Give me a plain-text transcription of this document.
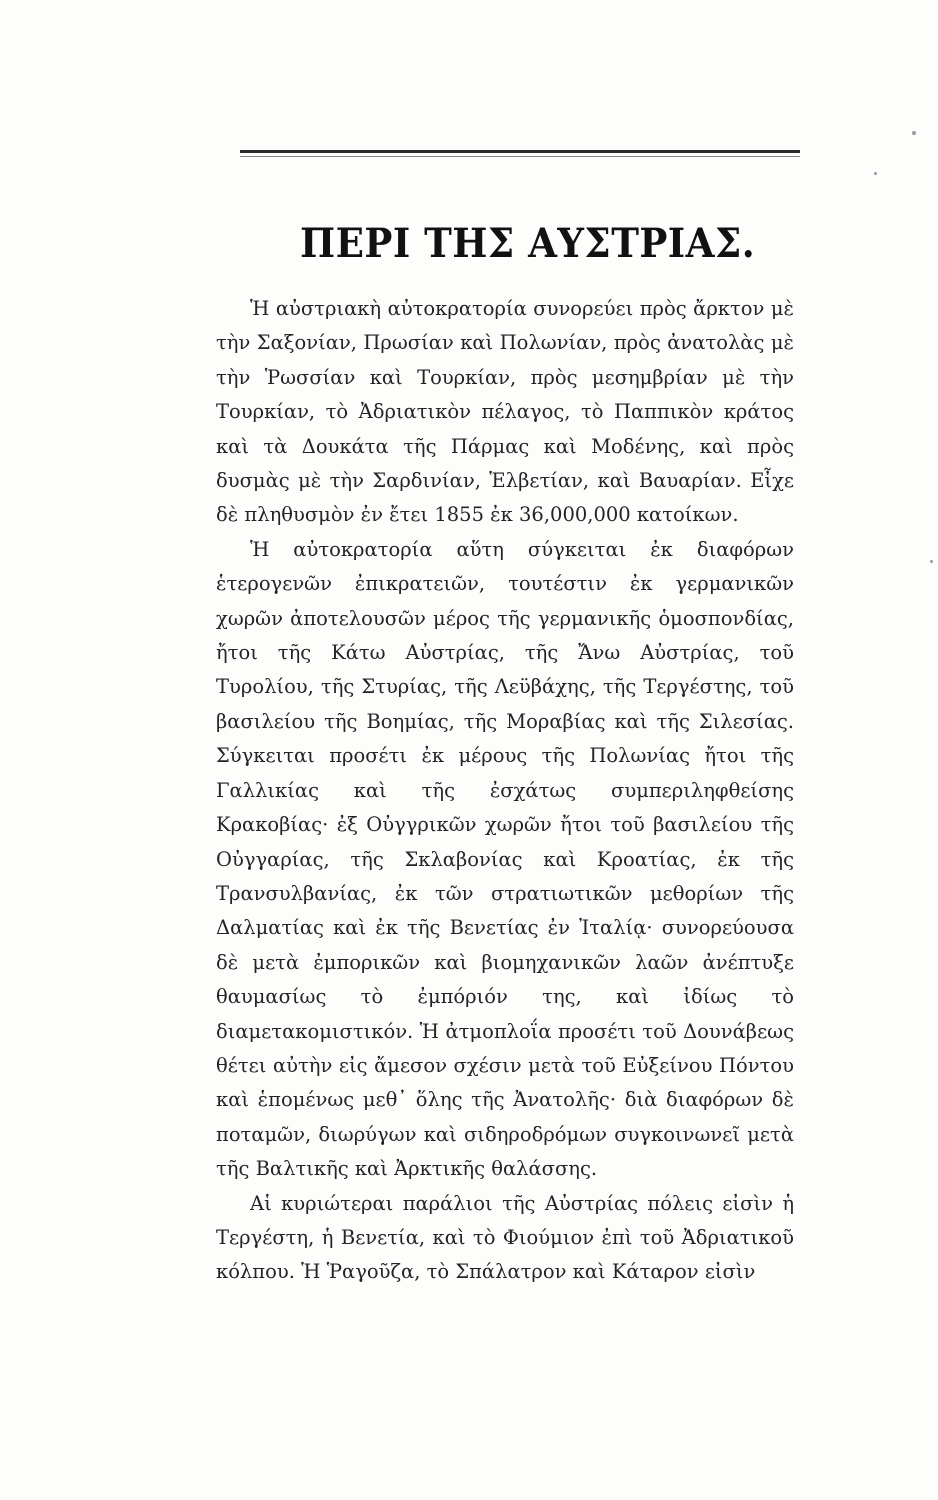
ΠΕΡΙ ΤΗΣ ΑΥΣΤΡΙΑΣ.

Ἡ αὐστριακὴ αὐτοκρατορία συνορεύει πρὸς ἄρκτον μὲ τὴν Σαξονίαν, Πρωσίαν καὶ Πολωνίαν, πρὸς ἀνατολὰς μὲ τὴν Ῥωσσίαν καὶ Τουρκίαν, πρὸς μεσημβρίαν μὲ τὴν Τουρκίαν, τὸ Ἀδριατικὸν πέλαγος, τὸ Παππικὸν κράτος καὶ τὰ Δουκάτα τῆς Πάρμας καὶ Μοδένης, καὶ πρὸς δυσμὰς μὲ τὴν Σαρδινίαν, Ἑλβετίαν, καὶ Βαυαρίαν. Εἶχε δὲ πληθυσμὸν ἐν ἔτει 1855 ἐκ 36,000,000 κατοίκων.

Ἡ αὐτοκρατορία αὕτη σύγκειται ἐκ διαφόρων ἑτερογενῶν ἐπικρατειῶν, τουτέστιν ἐκ γερμανικῶν χωρῶν ἀποτελουσῶν μέρος τῆς γερμανικῆς ὁμοσπονδίας, ἤτοι τῆς Κάτω Αὐστρίας, τῆς Ἄνω Αὐστρίας, τοῦ Τυρολίου, τῆς Στυρίας, τῆς Λεϋβάχης, τῆς Τεργέστης, τοῦ βασιλείου τῆς Βοημίας, τῆς Μοραβίας καὶ τῆς Σιλεσίας. Σύγκειται προσέτι ἐκ μέρους τῆς Πολωνίας ἤτοι τῆς Γαλλικίας καὶ τῆς ἐσχάτως συμπεριληφθείσης Κρακοβίας· ἐξ Οὐγγρικῶν χωρῶν ἤτοι τοῦ βασιλείου τῆς Οὐγγαρίας, τῆς Σκλαβονίας καὶ Κροατίας, ἐκ τῆς Τρανσυλβανίας, ἐκ τῶν στρατιωτικῶν μεθορίων τῆς Δαλματίας καὶ ἐκ τῆς Βενετίας ἐν Ἰταλίᾳ· συνορεύουσα δὲ μετὰ ἐμπορικῶν καὶ βιομηχανικῶν λαῶν ἀνέπτυξε θαυμασίως τὸ ἐμπόριόν της, καὶ ἰδίως τὸ διαμετακομιστικόν. Ἡ ἀτμοπλοΐα προσέτι τοῦ Δουνάβεως θέτει αὐτὴν εἰς ἄμεσον σχέσιν μετὰ τοῦ Εὐξείνου Πόντου καὶ ἑπομένως μεθ᾽ ὅλης τῆς Ἀνατολῆς· διὰ διαφόρων δὲ ποταμῶν, διωρύγων καὶ σιδηροδρόμων συγκοινωνεῖ μετὰ τῆς Βαλτικῆς καὶ Ἀρκτικῆς θαλάσσης.

Αἱ κυριώτεραι παράλιοι τῆς Αὐστρίας πόλεις εἰσὶν ἡ Τεργέστη, ἡ Βενετία, καὶ τὸ Φιούμιον ἐπὶ τοῦ Ἀδριατικοῦ κόλπου. Ἡ Ῥαγοῦζα, τὸ Σπάλατρον καὶ Κάταρον εἰσὶν
